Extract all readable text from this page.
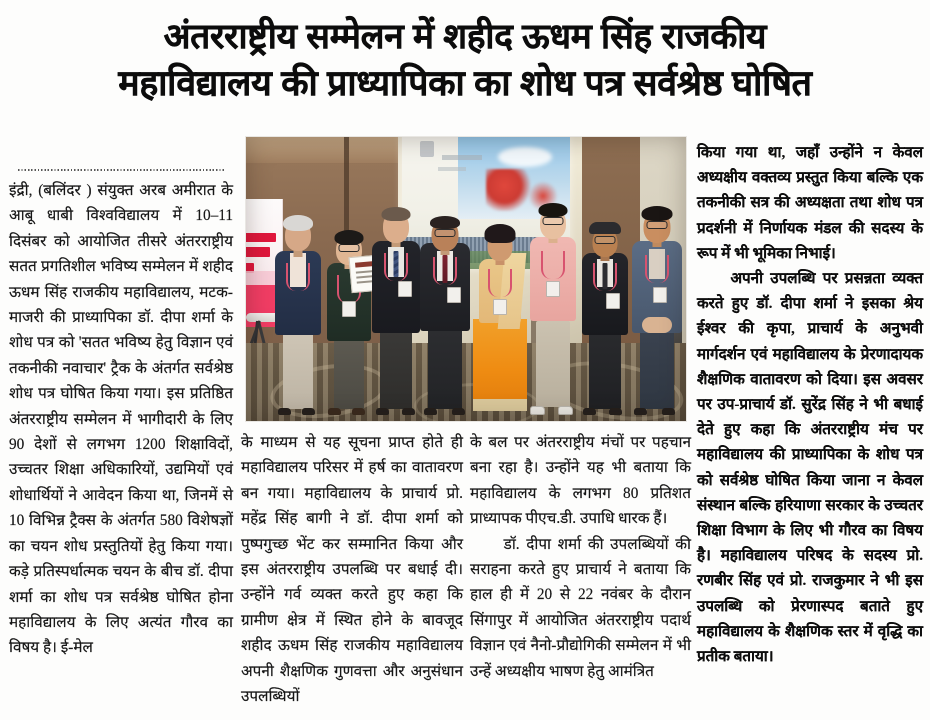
अंतरराष्ट्रीय सम्मेलन में शहीद ऊधम सिंह राजकीय
महाविद्यालय की प्राध्यापिका का शोध पत्र सर्वश्रेष्ठ घोषित

इंद्री, (बलिंदर ) संयुक्त अरब अमीरात के आबू धाबी विश्वविद्यालय में 10–11 दिसंबर को आयोजित तीसरे अंतरराष्ट्रीय सतत प्रगतिशील भविष्य सम्मेलन में शहीद ऊधम सिंह राजकीय महाविद्यालय, मटक-माजरी की प्राध्यापिका डॉ. दीपा शर्मा के शोध पत्र को 'सतत भविष्य हेतु विज्ञान एवं तकनीकी नवाचार' ट्रैक के अंतर्गत सर्वश्रेष्ठ शोध पत्र घोषित किया गया। इस प्रतिष्ठित अंतरराष्ट्रीय सम्मेलन में भागीदारी के लिए 90 देशों से लगभग 1200 शिक्षाविदों, उच्चतर शिक्षा अधिकारियों, उद्यमियों एवं शोधार्थियों ने आवेदन किया था, जिनमें से 10 विभिन्न ट्रैक्स के अंतर्गत 580 विशेषज्ञों का चयन शोध प्रस्तुतियों हेतु किया गया। कड़े प्रतिस्पर्धात्मक चयन के बीच डॉ. दीपा शर्मा का शोध पत्र सर्वश्रेष्ठ घोषित होना महाविद्यालय के लिए अत्यंत गौरव का विषय है। ई-मेल

के माध्यम से यह सूचना प्राप्त होते ही महाविद्यालय परिसर में हर्ष का वातावरण बन गया। महाविद्यालय के प्राचार्य प्रो. महेंद्र सिंह बागी ने डॉ. दीपा शर्मा को पुष्पगुच्छ भेंट कर सम्मानित किया और इस अंतरराष्ट्रीय उपलब्धि पर बधाई दी। उन्होंने गर्व व्यक्त करते हुए कहा कि ग्रामीण क्षेत्र में स्थित होने के बावजूद शहीद ऊधम सिंह राजकीय महाविद्यालय अपनी शैक्षणिक गुणवत्ता और अनुसंधान उपलब्धियों

के बल पर अंतरराष्ट्रीय मंचों पर पहचान बना रहा है। उन्होंने यह भी बताया कि महाविद्यालय के लगभग 80 प्रतिशत प्राध्यापक पीएच.डी. उपाधि धारक हैं।

डॉ. दीपा शर्मा की उपलब्धियों की सराहना करते हुए प्राचार्य ने बताया कि हाल ही में 20 से 22 नवंबर के दौरान सिंगापुर में आयोजित अंतरराष्ट्रीय पदार्थ विज्ञान एवं नैनो-प्रौद्योगिकी सम्मेलन में भी उन्हें अध्यक्षीय भाषण हेतु आमंत्रित

किया गया था, जहाँ उन्होंने न केवल अध्यक्षीय वक्तव्य प्रस्तुत किया बल्कि एक तकनीकी सत्र की अध्यक्षता तथा शोध पत्र प्रदर्शनी में निर्णायक मंडल की सदस्य के रूप में भी भूमिका निभाई।

अपनी उपलब्धि पर प्रसन्नता व्यक्त करते हुए डॉ. दीपा शर्मा ने इसका श्रेय ईश्वर की कृपा, प्राचार्य के अनुभवी मार्गदर्शन एवं महाविद्यालय के प्रेरणादायक शैक्षणिक वातावरण को दिया। इस अवसर पर उप-प्राचार्य डॉ. सुरेंद्र सिंह ने भी बधाई देते हुए कहा कि अंतरराष्ट्रीय मंच पर महाविद्यालय की प्राध्यापिका के शोध पत्र को सर्वश्रेष्ठ घोषित किया जाना न केवल संस्थान बल्कि हरियाणा सरकार के उच्चतर शिक्षा विभाग के लिए भी गौरव का विषय है। महाविद्यालय परिषद के सदस्य प्रो. रणबीर सिंह एवं प्रो. राजकुमार ने भी इस उपलब्धि को प्रेरणास्पद बताते हुए महाविद्यालय के शैक्षणिक स्तर में वृद्धि का प्रतीक बताया।
